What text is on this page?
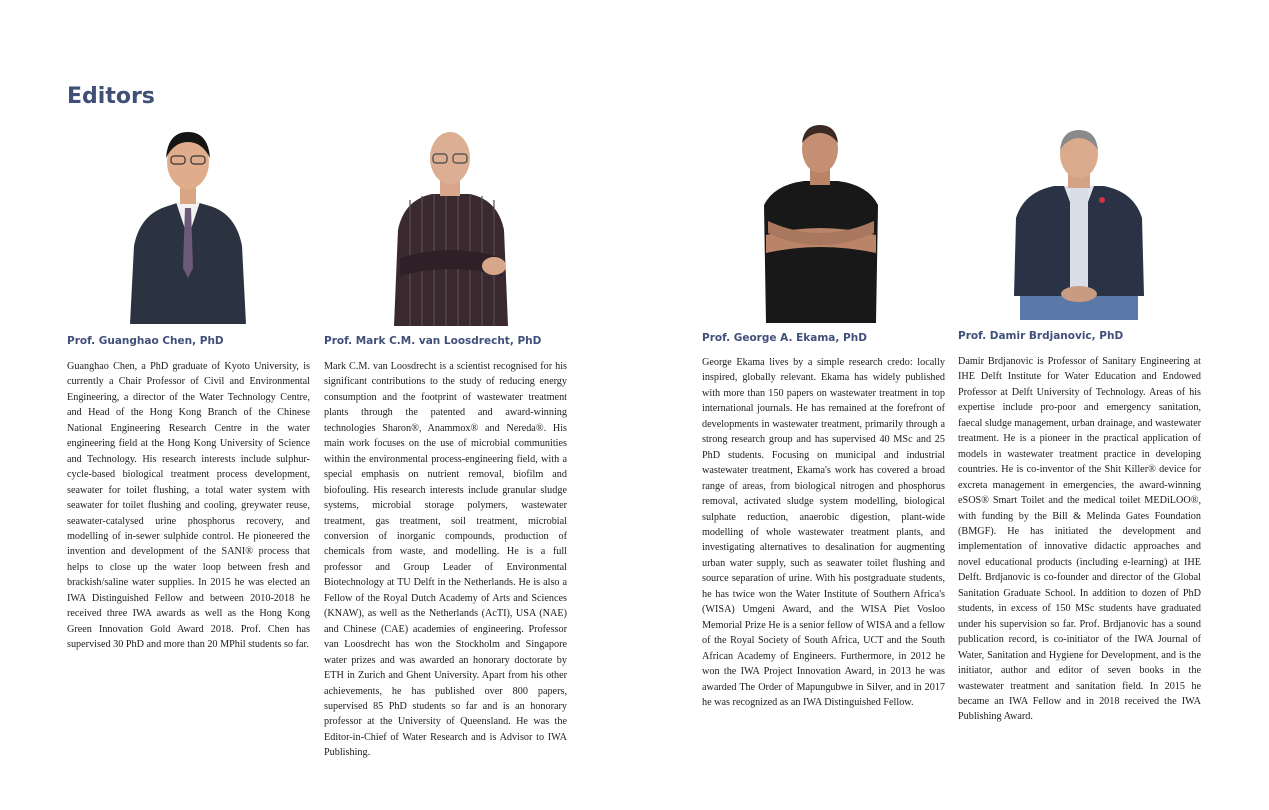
Editors

Prof. Guanghao Chen, PhD

Guanghao Chen, a PhD graduate of Kyoto University, is currently a Chair Professor of Civil and Environmental Engineering, a director of the Water Technology Centre, and Head of the Hong Kong Branch of the Chinese National Engineering Research Centre in the water engineering field at the Hong Kong University of Science and Technology. His research interests include sulphur-cycle-based biological treatment process development, seawater for toilet flushing, a total water system with seawater for toilet flushing and cooling, greywater reuse, seawater-catalysed urine phosphorus recovery, and modelling of in-sewer sulphide control. He pioneered the invention and development of the SANI® process that helps to close up the water loop between fresh and brackish/saline water supplies. In 2015 he was elected an IWA Distinguished Fellow and between 2010-2018 he received three IWA awards as well as the Hong Kong Green Innovation Gold Award 2018. Prof. Chen has supervised 30 PhD and more than 20 MPhil students so far.

Prof. Mark C.M. van Loosdrecht, PhD

Mark C.M. van Loosdrecht is a scientist recognised for his significant contributions to the study of reducing energy consumption and the footprint of wastewater treatment plants through the patented and award-winning technologies Sharon®, Anammox® and Nereda®. His main work focuses on the use of microbial communities within the environmental process-engineering field, with a special emphasis on nutrient removal, biofilm and biofouling. His research interests include granular sludge systems, microbial storage polymers, wastewater treatment, gas treatment, soil treatment, microbial conversion of inorganic compounds, production of chemicals from waste, and modelling. He is a full professor and Group Leader of Environmental Biotechnology at TU Delft in the Netherlands. He is also a Fellow of the Royal Dutch Academy of Arts and Sciences (KNAW), as well as the Netherlands (AcTI), USA (NAE) and Chinese (CAE) academies of engineering. Professor van Loosdrecht has won the Stockholm and Singapore water prizes and was awarded an honorary doctorate by ETH in Zurich and Ghent University. Apart from his other achievements, he has published over 800 papers, supervised 85 PhD students so far and is an honorary professor at the University of Queensland. He was the Editor-in-Chief of Water Research and is Advisor to IWA Publishing.

Prof. George A. Ekama, PhD

George Ekama lives by a simple research credo: locally inspired, globally relevant. Ekama has widely published with more than 150 papers on wastewater treatment in top international journals. He has remained at the forefront of developments in wastewater treatment, primarily through a strong research group and has supervised 40 MSc and 25 PhD students. Focusing on municipal and industrial wastewater treatment, Ekama's work has covered a broad range of areas, from biological nitrogen and phosphorus removal, activated sludge system modelling, biological sulphate reduction, anaerobic digestion, plant-wide modelling of whole wastewater treatment plants, and investigating alternatives to desalination for augmenting urban water supply, such as seawater toilet flushing and source separation of urine. With his postgraduate students, he has twice won the Water Institute of Southern Africa's (WISA) Umgeni Award, and the WISA Piet Vosloo Memorial Prize He is a senior fellow of WISA and a fellow of the Royal Society of South Africa, UCT and the South African Academy of Engineers. Furthermore, in 2012 he won the IWA Project Innovation Award, in 2013 he was awarded The Order of Mapungubwe in Silver, and in 2017 he was recognized as an IWA Distinguished Fellow.

Prof. Damir Brdjanovic, PhD

Damir Brdjanovic is Professor of Sanitary Engineering at IHE Delft Institute for Water Education and Endowed Professor at Delft University of Technology. Areas of his expertise include pro-poor and emergency sanitation, faecal sludge management, urban drainage, and wastewater treatment. He is a pioneer in the practical application of models in wastewater treatment practice in developing countries. He is co-inventor of the Shit Killer® device for excreta management in emergencies, the award-winning eSOS® Smart Toilet and the medical toilet MEDiLOO®, with funding by the Bill & Melinda Gates Foundation (BMGF). He has initiated the development and implementation of innovative didactic approaches and novel educational products (including e-learning) at IHE Delft. Brdjanovic is co-founder and director of the Global Sanitation Graduate School. In addition to dozen of PhD students, in excess of 150 MSc students have graduated under his supervision so far. Prof. Brdjanovic has a sound publication record, is co-initiator of the IWA Journal of Water, Sanitation and Hygiene for Development, and is the initiator, author and editor of seven books in the wastewater treatment and sanitation field. In 2015 he became an IWA Fellow and in 2018 received the IWA Publishing Award.
